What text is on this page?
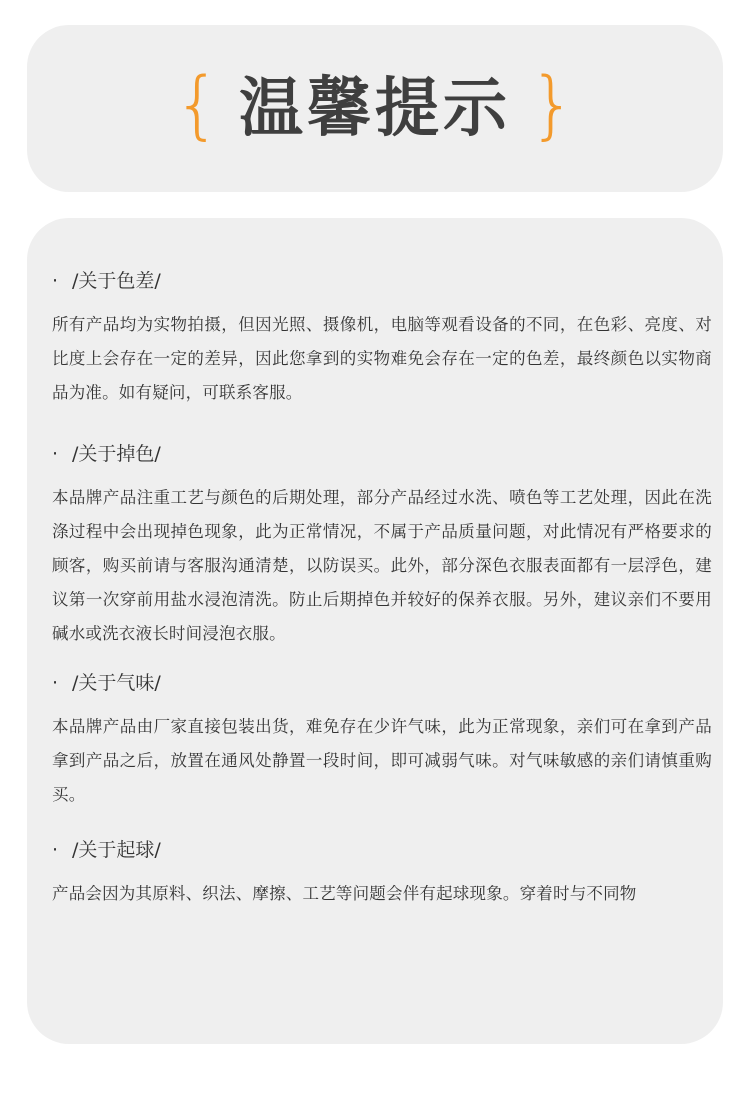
{ 温馨提示 }
· /关于色差/
所有产品均为实物拍摄，但因光照、摄像机，电脑等观看设备的不同，在色彩、亮度、对比度上会存在一定的差异，因此您拿到的实物难免会存在一定的色差，最终颜色以实物商品为准。如有疑问，可联系客服。
· /关于掉色/
本品牌产品注重工艺与颜色的后期处理，部分产品经过水洗、喷色等工艺处理，因此在洗涤过程中会出现掉色现象，此为正常情况，不属于产品质量问题，对此情况有严格要求的顾客，购买前请与客服沟通清楚，以防误买。此外，部分深色衣服表面都有一层浮色，建议第一次穿前用盐水浸泡清洗。防止后期掉色并较好的保养衣服。另外，建议亲们不要用碱水或洗衣液长时间浸泡衣服。
· /关于气味/
本品牌产品由厂家直接包装出货，难免存在少许气味，此为正常现象，亲们可在拿到产品拿到产品之后，放置在通风处静置一段时间，即可减弱气味。对气味敏感的亲们请慎重购买。
· /关于起球/
产品会因为其原料、织法、摩擦、工艺等问题会伴有起球现象。穿着时与不同物
